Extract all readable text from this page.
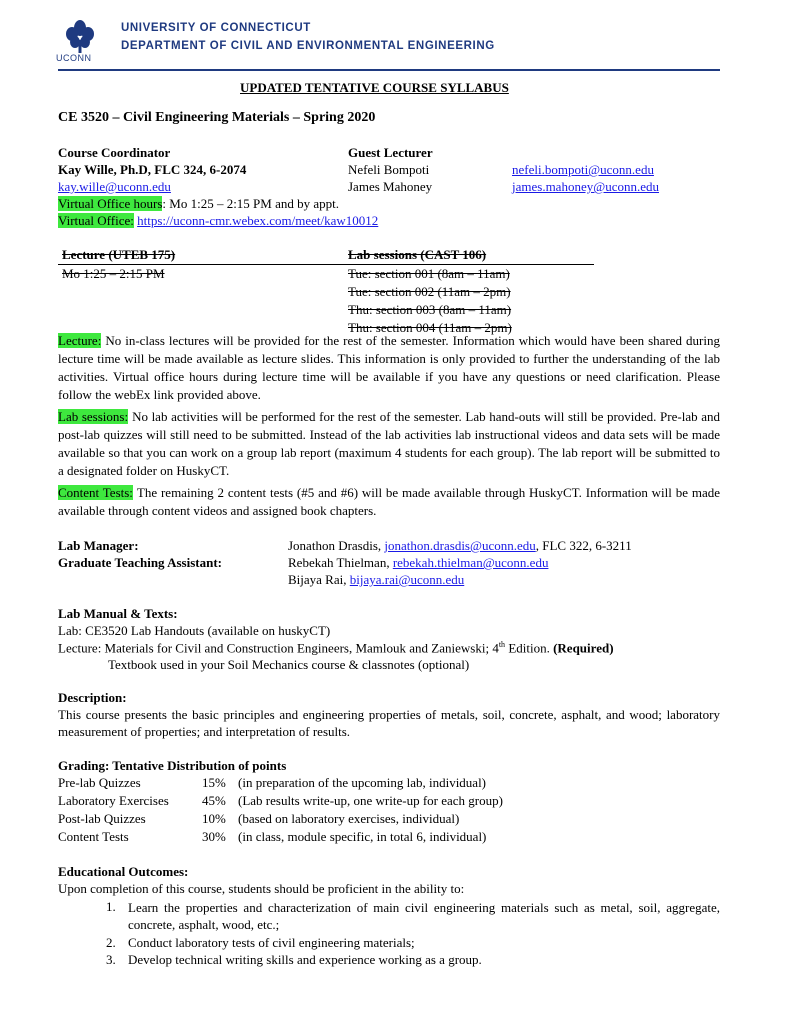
UCONN
UNIVERSITY OF CONNECTICUT
DEPARTMENT OF CIVIL AND ENVIRONMENTAL ENGINEERING
UPDATED TENTATIVE COURSE SYLLABUS
CE 3520 – Civil Engineering Materials – Spring 2020
Course Coordinator
Kay Wille, Ph.D, FLC 324, 6-2074
kay.wille@uconn.edu
Virtual Office hours: Mo 1:25 – 2:15 PM and by appt.
Virtual Office: https://uconn-cmr.webex.com/meet/kaw10012
Guest Lecturer
Nefeli Bompoti	nefeli.bompoti@uconn.edu
James Mahoney	james.mahoney@uconn.edu
Lecture (UTEB 175)	Lab sessions (CAST 106)
Mo 1:25 – 2:15 PM	Tue: section 001 (8am – 11am)
Tue: section 002 (11am – 2pm)
Thu: section 003 (8am – 11am)
Thu: section 004 (11am – 2pm)
Lecture: No in-class lectures will be provided for the rest of the semester. Information which would have been shared during lecture time will be made available as lecture slides. This information is only provided to further the understanding of the lab activities. Virtual office hours during lecture time will be available if you have any questions or need clarification. Please follow the webEx link provided above.
Lab sessions: No lab activities will be performed for the rest of the semester. Lab hand-outs will still be provided. Pre-lab and post-lab quizzes will still need to be submitted. Instead of the lab activities lab instructional videos and data sets will be made available so that you can work on a group lab report (maximum 4 students for each group). The lab report will be submitted to a designated folder on HuskyCT.
Content Tests: The remaining 2 content tests (#5 and #6) will be made available through HuskyCT. Information will be made available through content videos and assigned book chapters.
Lab Manager:	Jonathon Drasdis, jonathon.drasdis@uconn.edu, FLC 322, 6-3211
Graduate Teaching Assistant:	Rebekah Thielman, rebekah.thielman@uconn.edu
Bijaya Rai, bijaya.rai@uconn.edu
Lab Manual & Texts:
Lab: CE3520 Lab Handouts (available on huskyCT)
Lecture: Materials for Civil and Construction Engineers, Mamlouk and Zaniewski; 4th Edition. (Required)
Textbook used in your Soil Mechanics course & classnotes (optional)
Description:
This course presents the basic principles and engineering properties of metals, soil, concrete, asphalt, and wood; laboratory measurement of properties; and interpretation of results.
Grading: Tentative Distribution of points
Pre-lab Quizzes	15% (in preparation of the upcoming lab, individual)
Laboratory Exercises	45% (Lab results write-up, one write-up for each group)
Post-lab Quizzes	10% (based on laboratory exercises, individual)
Content Tests	30% (in class, module specific, in total 6, individual)
Educational Outcomes:
Upon completion of this course, students should be proficient in the ability to:
1. Learn the properties and characterization of main civil engineering materials such as metal, soil, aggregate, concrete, asphalt, wood, etc.;
2. Conduct laboratory tests of civil engineering materials;
3. Develop technical writing skills and experience working as a group.
